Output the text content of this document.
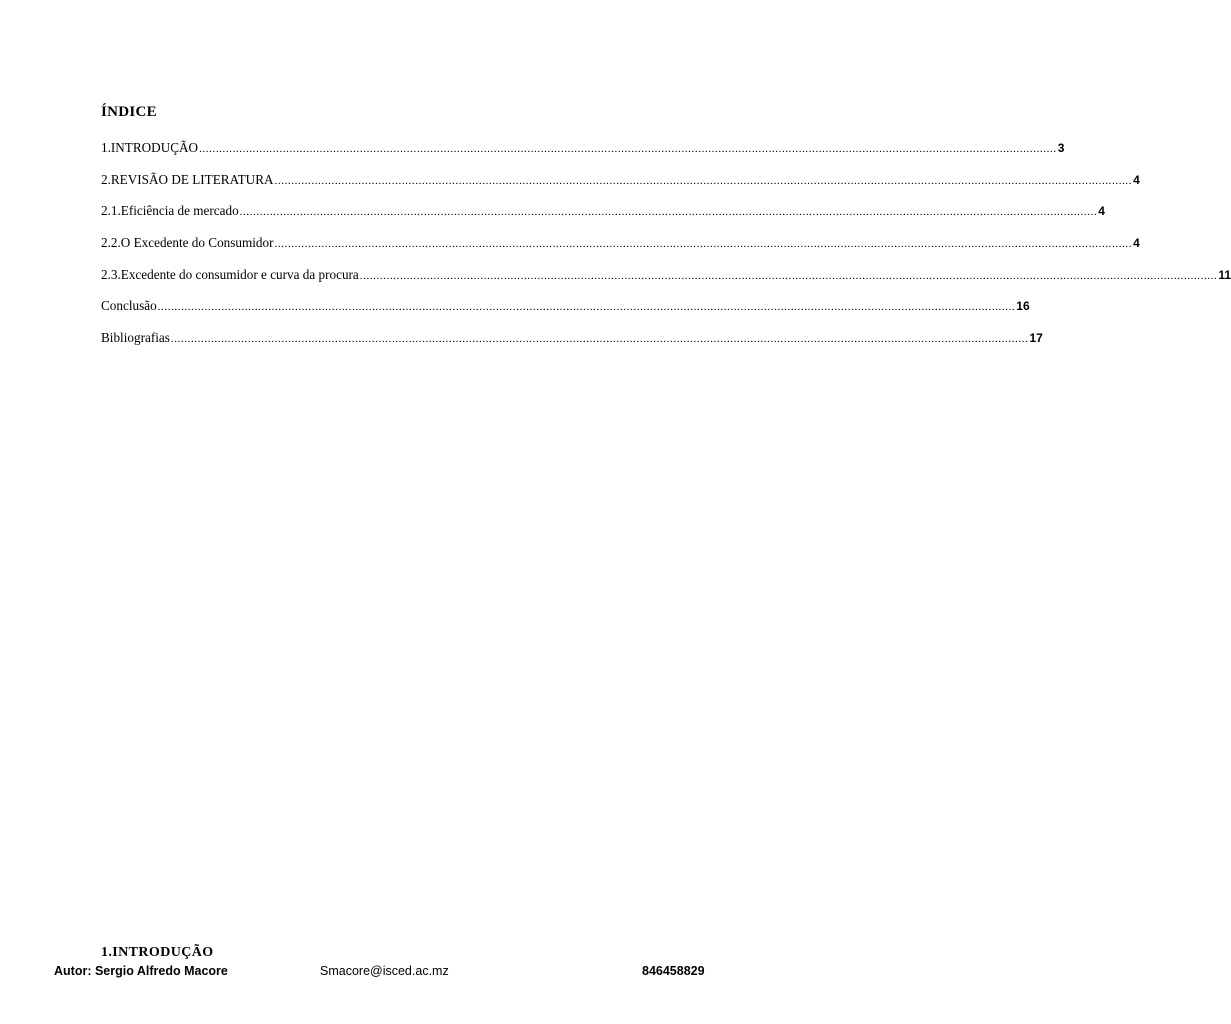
ÍNDICE
1.INTRODUÇÃO .....	3
2.REVISÃO DE LITERATURA .....	4
2.1.Eficiência de mercado .....	4
2.2.O Excedente do Consumidor .....	4
2.3.Excedente do consumidor e curva da procura .....	11
Conclusão .....	16
Bibliografias .....	17
1.INTRODUÇÃO
Autor: Sergio Alfredo Macore	Smacore@isced.ac.mz	846458829
